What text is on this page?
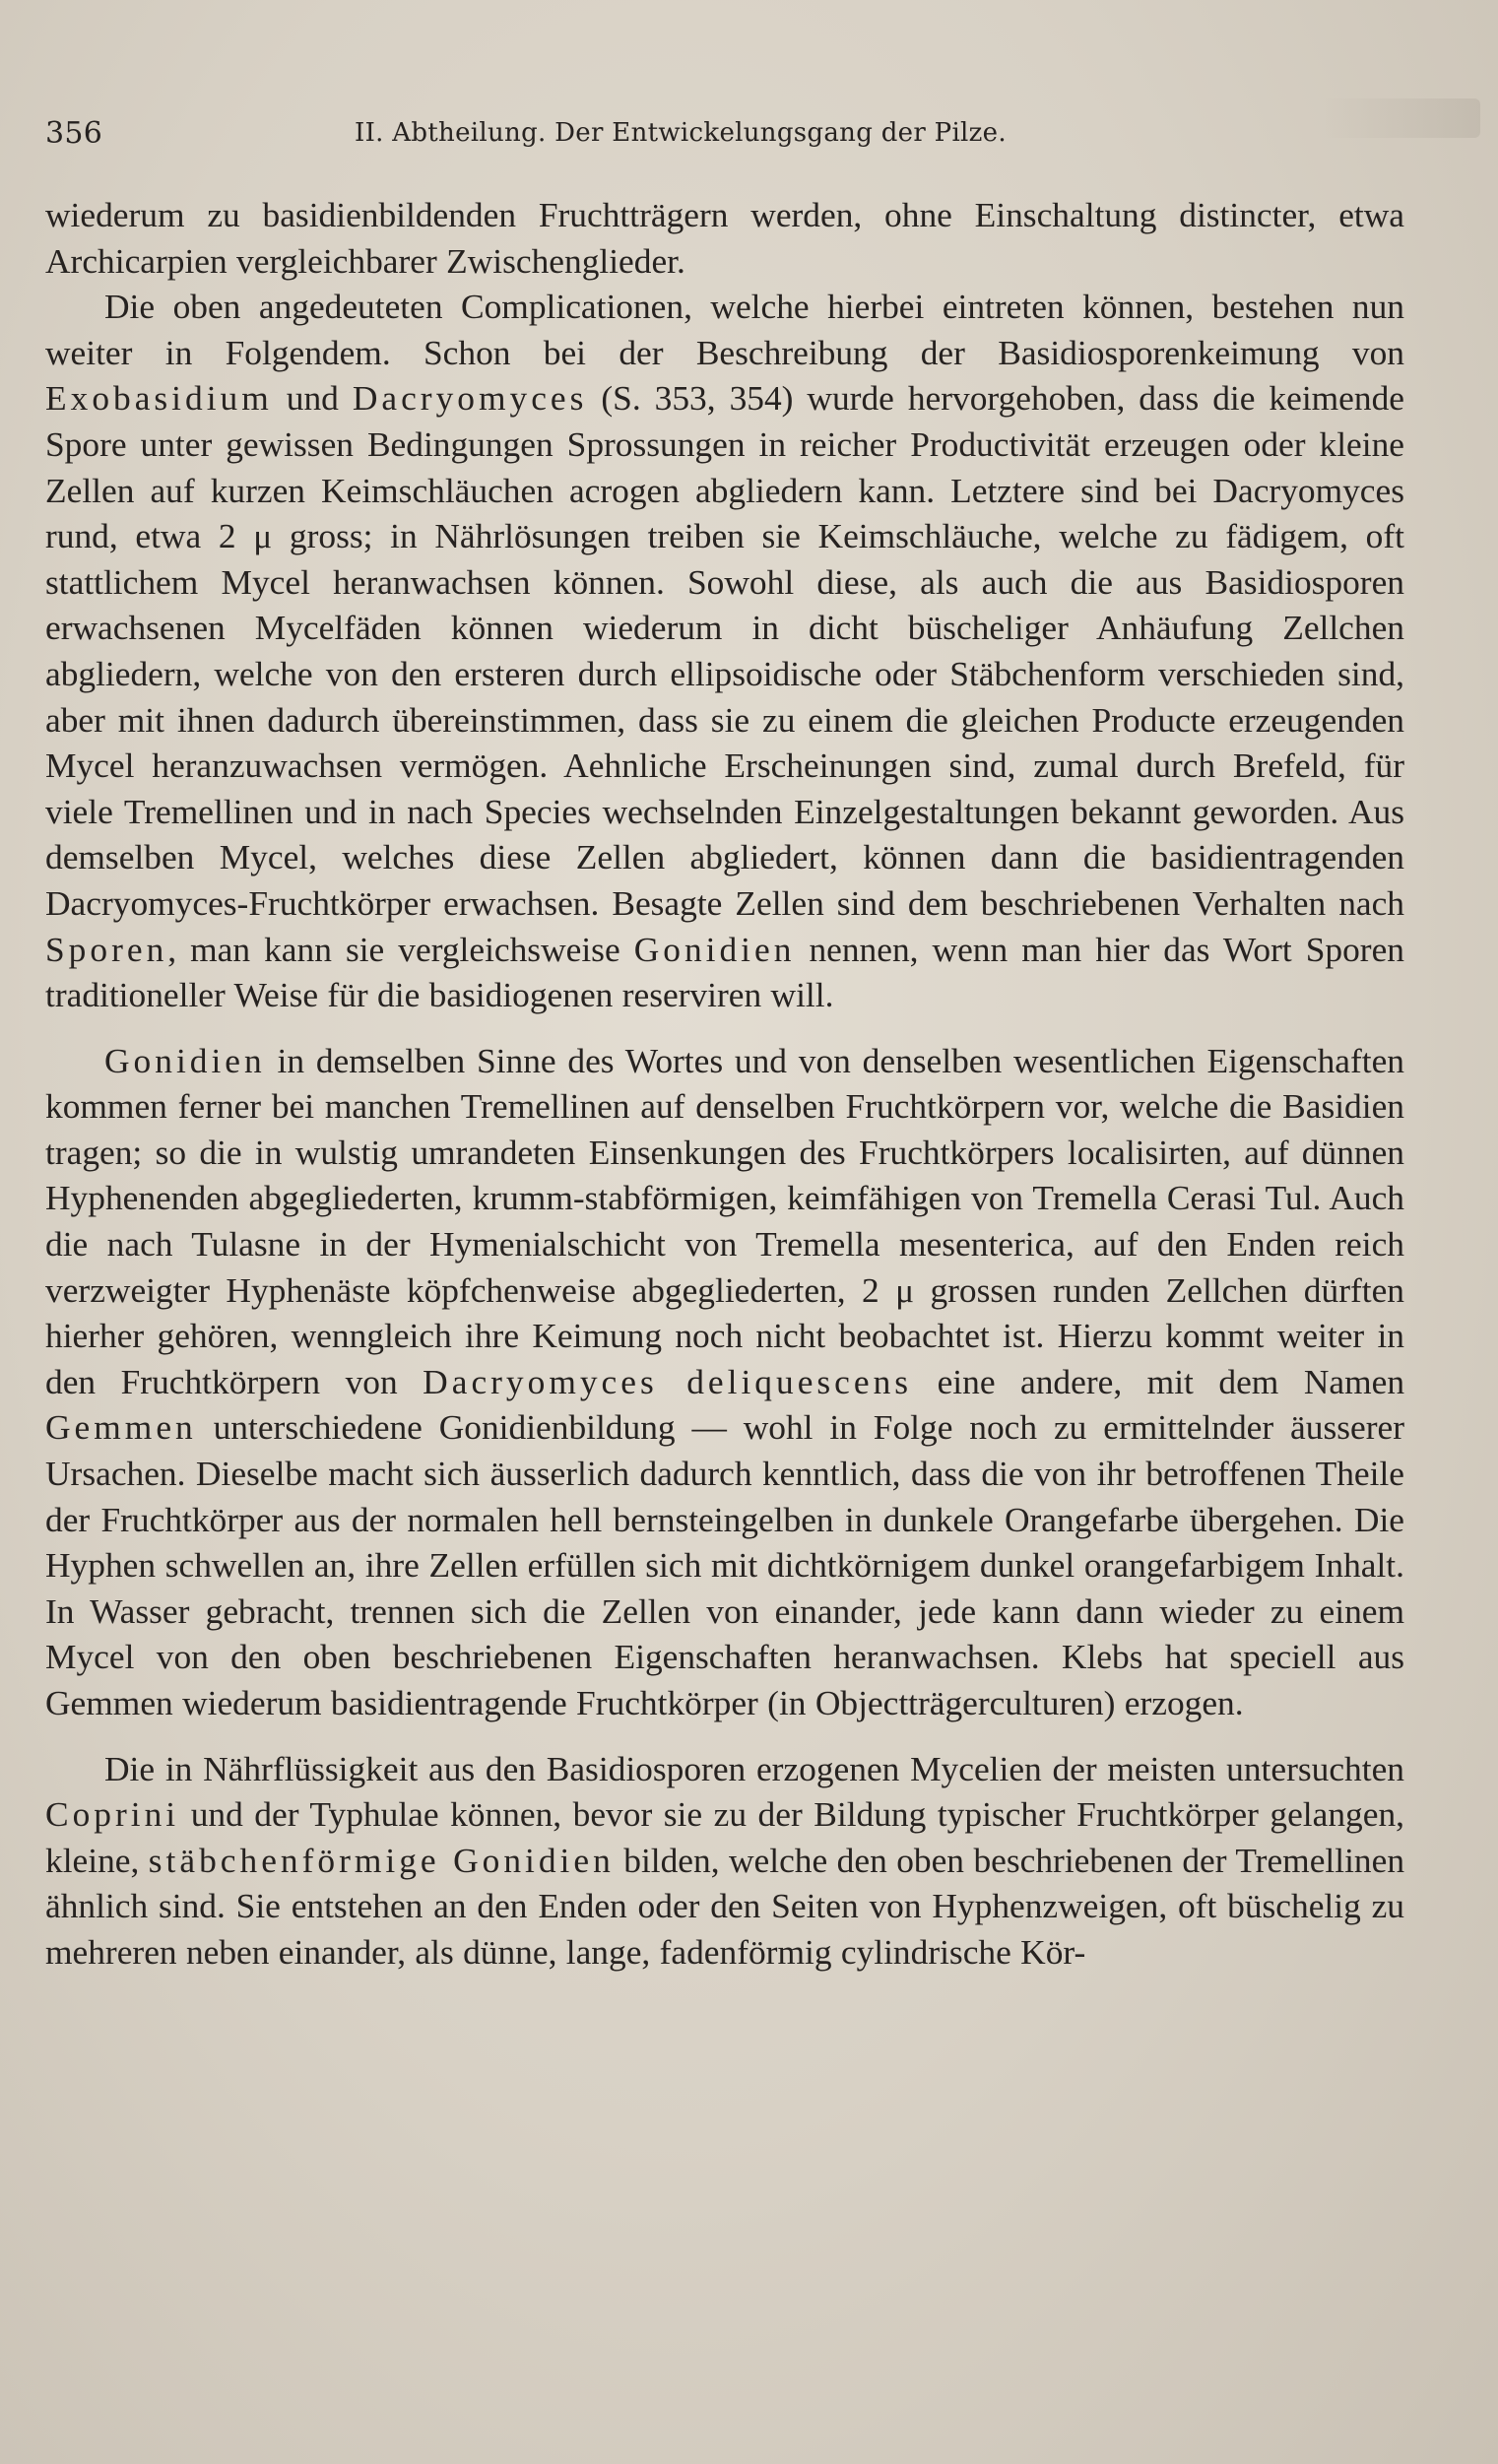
356	II. Abtheilung. Der Entwickelungsgang der Pilze.

wiederum zu basidienbildenden Fruchtträgern werden, ohne Einschaltung distincter, etwa Archicarpien vergleichbarer Zwischenglieder.

Die oben angedeuteten Complicationen, welche hierbei eintreten können, bestehen nun weiter in Folgendem. Schon bei der Beschreibung der Basidiosporenkeimung von Exobasidium und Dacryomyces (S. 353, 354) wurde hervorgehoben, dass die keimende Spore unter gewissen Bedingungen Sprossungen in reicher Productivität erzeugen oder kleine Zellen auf kurzen Keimschläuchen acrogen abgliedern kann. Letztere sind bei Dacryomyces rund, etwa 2 μ gross; in Nährlösungen treiben sie Keimschläuche, welche zu fädigem, oft stattlichem Mycel heranwachsen können. Sowohl diese, als auch die aus Basidiosporen erwachsenen Mycelfäden können wiederum in dicht büscheliger Anhäufung Zellchen abgliedern, welche von den ersteren durch ellipsoidische oder Stäbchenform verschieden sind, aber mit ihnen dadurch übereinstimmen, dass sie zu einem die gleichen Producte erzeugenden Mycel heranzuwachsen vermögen. Aehnliche Erscheinungen sind, zumal durch Brefeld, für viele Tremellinen und in nach Species wechselnden Einzelgestaltungen bekannt geworden. Aus demselben Mycel, welches diese Zellen abgliedert, können dann die basidientragenden Dacryomyces-Fruchtkörper erwachsen. Besagte Zellen sind dem beschriebenen Verhalten nach Sporen, man kann sie vergleichsweise Gonidien nennen, wenn man hier das Wort Sporen traditioneller Weise für die basidiogenen reserviren will.

Gonidien in demselben Sinne des Wortes und von denselben wesentlichen Eigenschaften kommen ferner bei manchen Tremellinen auf denselben Fruchtkörpern vor, welche die Basidien tragen; so die in wulstig umrandeten Einsenkungen des Fruchtkörpers localisirten, auf dünnen Hyphenenden abgegliederten, krumm-stabförmigen, keimfähigen von Tremella Cerasi Tul. Auch die nach Tulasne in der Hymenialschicht von Tremella mesenterica, auf den Enden reich verzweigter Hyphenäste köpfchenweise abgegliederten, 2 μ grossen runden Zellchen dürften hierher gehören, wenngleich ihre Keimung noch nicht beobachtet ist. Hierzu kommt weiter in den Fruchtkörpern von Dacryomyces deliquescens eine andere, mit dem Namen Gemmen unterschiedene Gonidienbildung — wohl in Folge noch zu ermittelnder äusserer Ursachen. Dieselbe macht sich äusserlich dadurch kenntlich, dass die von ihr betroffenen Theile der Fruchtkörper aus der normalen hell bernsteingelben in dunkele Orangefarbe übergehen. Die Hyphen schwellen an, ihre Zellen erfüllen sich mit dichtkörnigem dunkel orangefarbigem Inhalt. In Wasser gebracht, trennen sich die Zellen von einander, jede kann dann wieder zu einem Mycel von den oben beschriebenen Eigenschaften heranwachsen. Klebs hat speciell aus Gemmen wiederum basidientragende Fruchtkörper (in Objectträgerculturen) erzogen.

Die in Nährflüssigkeit aus den Basidiosporen erzogenen Mycelien der meisten untersuchten Coprini und der Typhulae können, bevor sie zu der Bildung typischer Fruchtkörper gelangen, kleine, stäbchenförmige Gonidien bilden, welche den oben beschriebenen der Tremellinen ähnlich sind. Sie entstehen an den Enden oder den Seiten von Hyphenzweigen, oft büschelig zu mehreren neben einander, als dünne, lange, fadenförmig cylindrische Kör-
